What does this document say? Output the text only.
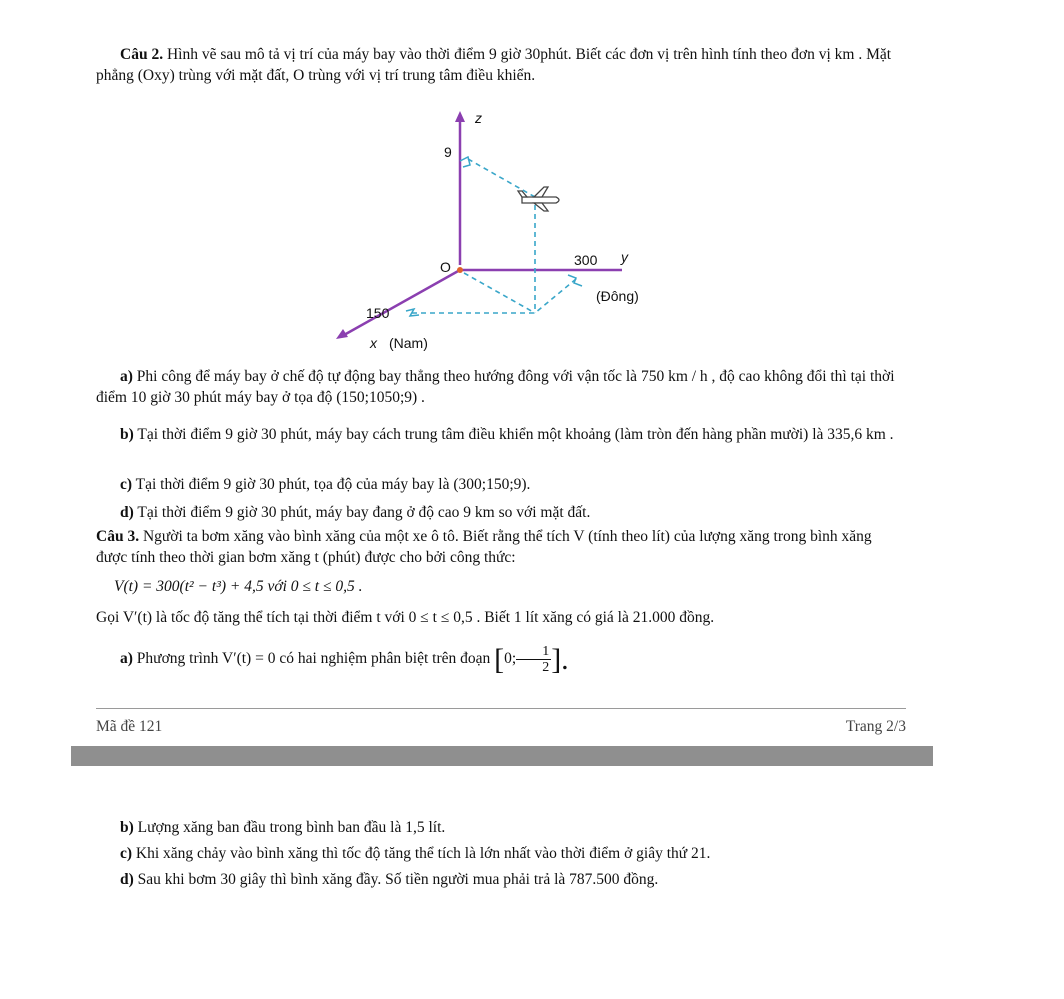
Câu 2. Hình vẽ sau mô tả vị trí của máy bay vào thời điểm 9 giờ 30phút. Biết các đơn vị trên hình tính theo đơn vị km . Mặt phẳng (Oxy) trùng với mặt đất, O trùng với vị trí trung tâm điều khiển.
z
9
O	300 y
(Đông)
150
x (Nam)
a) Phi công để máy bay ở chế độ tự động bay thẳng theo hướng đông với vận tốc là 750 km / h , độ cao không đổi thì tại thời điểm 10 giờ 30 phút máy bay ở tọa độ (150;1050;9) .
b) Tại thời điểm 9 giờ 30 phút, máy bay cách trung tâm điều khiển một khoảng (làm tròn đến hàng phần mười) là 335,6 km .
c) Tại thời điểm 9 giờ 30 phút, tọa độ của máy bay là (300;150;9).
d) Tại thời điểm 9 giờ 30 phút, máy bay đang ở độ cao 9 km so với mặt đất.
Câu 3. Người ta bơm xăng vào bình xăng của một xe ô tô. Biết rằng thể tích V (tính theo lít) của lượng xăng trong bình xăng được tính theo thời gian bơm xăng t (phút) được cho bởi công thức:
V(t) = 300(t² − t³) + 4,5 với 0 ≤ t ≤ 0,5 .
Gọi V′(t) là tốc độ tăng thể tích tại thời điểm t với 0 ≤ t ≤ 0,5 . Biết 1 lít xăng có giá là 21.000 đồng.
a) Phương trình V′(t) = 0 có hai nghiệm phân biệt trên đoạn [0; $\frac{1}{2}$ ].
Mã đề 121	Trang 2/3
b) Lượng xăng ban đầu trong bình ban đầu là 1,5 lít.
c) Khi xăng chảy vào bình xăng thì tốc độ tăng thể tích là lớn nhất vào thời điểm ở giây thứ 21.
d) Sau khi bơm 30 giây thì bình xăng đầy. Số tiền người mua phải trả là 787.500 đồng.
